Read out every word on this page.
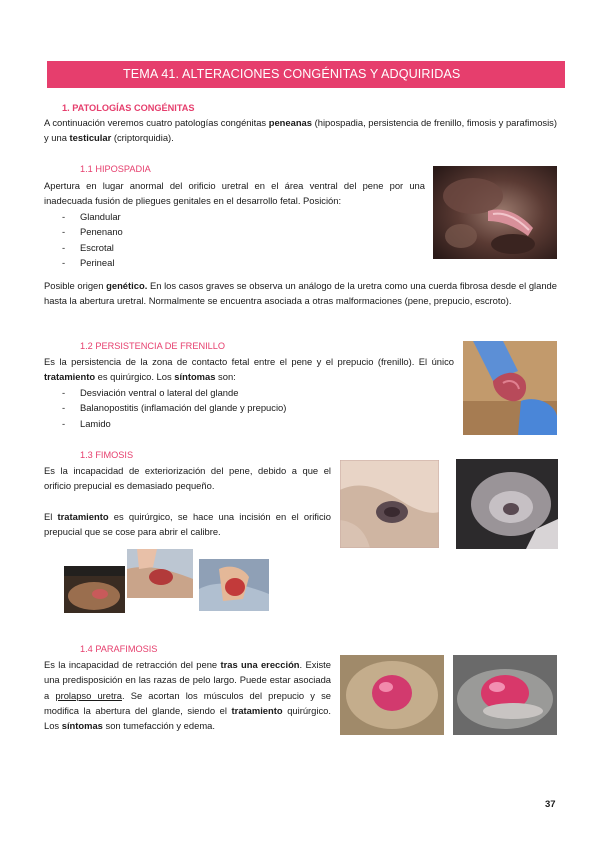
TEMA 41. ALTERACIONES CONGÉNITAS Y ADQUIRIDAS
1. PATOLOGÍAS CONGÉNITAS
A continuación veremos cuatro patologías congénitas peneanas (hipospadia, persistencia de frenillo, fimosis y parafimosis) y una testicular (criptorquidia).
1.1 HIPOSPADIA
Apertura en lugar anormal del orificio uretral en el área ventral del pene por una inadecuada fusión de pliegues genitales en el desarrollo fetal. Posición:
- Glandular
- Penenano
- Escrotal
- Perineal
Posible origen genético. En los casos graves se observa un análogo de la uretra como una cuerda fibrosa desde el glande hasta la abertura uretral. Normalmente se encuentra asociada a otras malformaciones (pene, prepucio, escroto).
1.2 PERSISTENCIA DE FRENILLO
Es la persistencia de la zona de contacto fetal entre el pene y el prepucio (frenillo). El único tratamiento es quirúrgico. Los síntomas son:
- Desviación ventral o lateral del glande
- Balanopostitis (inflamación del glande y prepucio)
- Lamido
1.3 FIMOSIS
Es la incapacidad de exteriorización del pene, debido a que el orificio prepucial es demasiado pequeño.
El tratamiento es quirúrgico, se hace una incisión en el orificio prepucial que se cose para abrir el calibre.
1.4 PARAFIMOSIS
Es la incapacidad de retracción del pene tras una erección. Existe una predisposición en las razas de pelo largo. Puede estar asociada a prolapso uretra. Se acortan los músculos del prepucio y se modifica la abertura del glande, siendo el tratamiento quirúrgico. Los síntomas son tumefacción y edema.
37
